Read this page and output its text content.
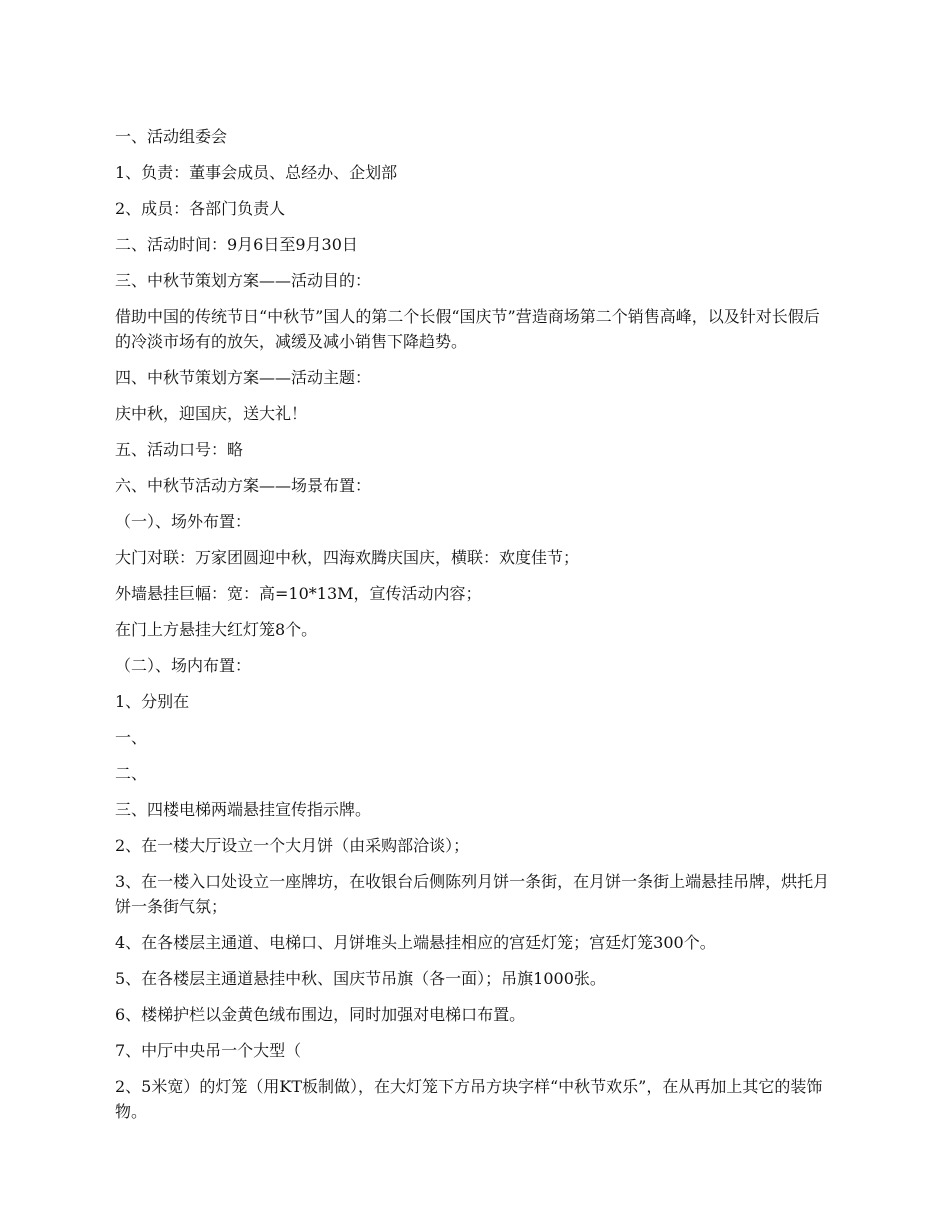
一、活动组委会

1、负责：董事会成员、总经办、企划部

2、成员：各部门负责人

二、活动时间：9月6日至9月30日

三、中秋节策划方案——活动目的：

借助中国的传统节日“中秋节”国人的第二个长假“国庆节”营造商场第二个销售高峰，以及针对长假后 的冷淡市场有的放矢，减缓及减小销售下降趋势。

四、中秋节策划方案——活动主题：

庆中秋，迎国庆，送大礼！

五、活动口号：略

六、中秋节活动方案——场景布置：

（一）、场外布置：

大门对联：万家团圆迎中秋，四海欢腾庆国庆，横联：欢度佳节；

外墙悬挂巨幅：宽：高=10*13M，宣传活动内容；

在门上方悬挂大红灯笼8个。

（二）、场内布置：

1、分别在

一、

二、

三、四楼电梯两端悬挂宣传指示牌。

2、在一楼大厅设立一个大月饼（由采购部洽谈）；

3、在一楼入口处设立一座牌坊，在收银台后侧陈列月饼一条街，在月饼一条街上端悬挂吊牌，烘托月饼一条街气氛；

4、在各楼层主通道、电梯口、月饼堆头上端悬挂相应的宫廷灯笼；宫廷灯笼300个。

5、在各楼层主通道悬挂中秋、国庆节吊旗（各一面）；吊旗1000张。

6、楼梯护栏以金黄色绒布围边，同时加强对电梯口布置。

7、中厅中央吊一个大型（

2、5米宽）的灯笼（用KT板制做），在大灯笼下方吊方块字样“中秋节欢乐”，在从再加上其它的装饰物。
